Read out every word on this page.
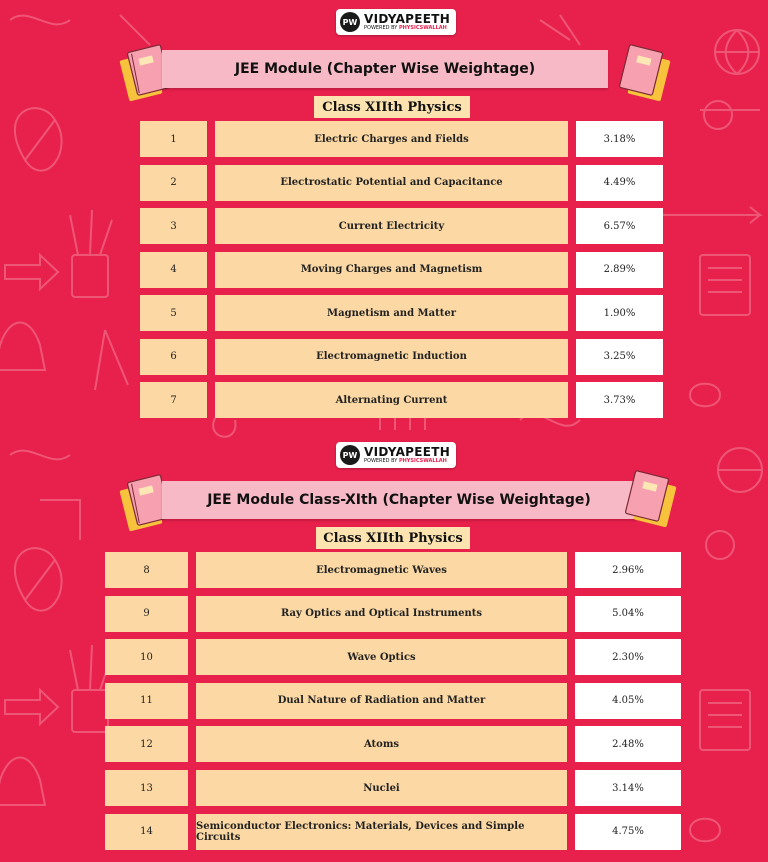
PW VIDYAPEETH
POWERED BY PHYSICSWALLAH
JEE Module (Chapter Wise Weightage)
Class XIIth Physics
1	Electric Charges and Fields	3.18%
2	Electrostatic Potential and Capacitance	4.49%
3	Current Electricity	6.57%
4	Moving Charges and Magnetism	2.89%
5	Magnetism and Matter	1.90%
6	Electromagnetic Induction	3.25%
7	Alternating Current	3.73%
PW VIDYAPEETH
POWERED BY PHYSICSWALLAH
JEE Module Class-XIth (Chapter Wise Weightage)
Class XIIth Physics
8	Electromagnetic Waves	2.96%
9	Ray Optics and Optical Instruments	5.04%
10	Wave Optics	2.30%
11	Dual Nature of Radiation and Matter	4.05%
12	Atoms	2.48%
13	Nuclei	3.14%
14	Semiconductor Electronics: Materials, Devices and Simple Circuits	4.75%
